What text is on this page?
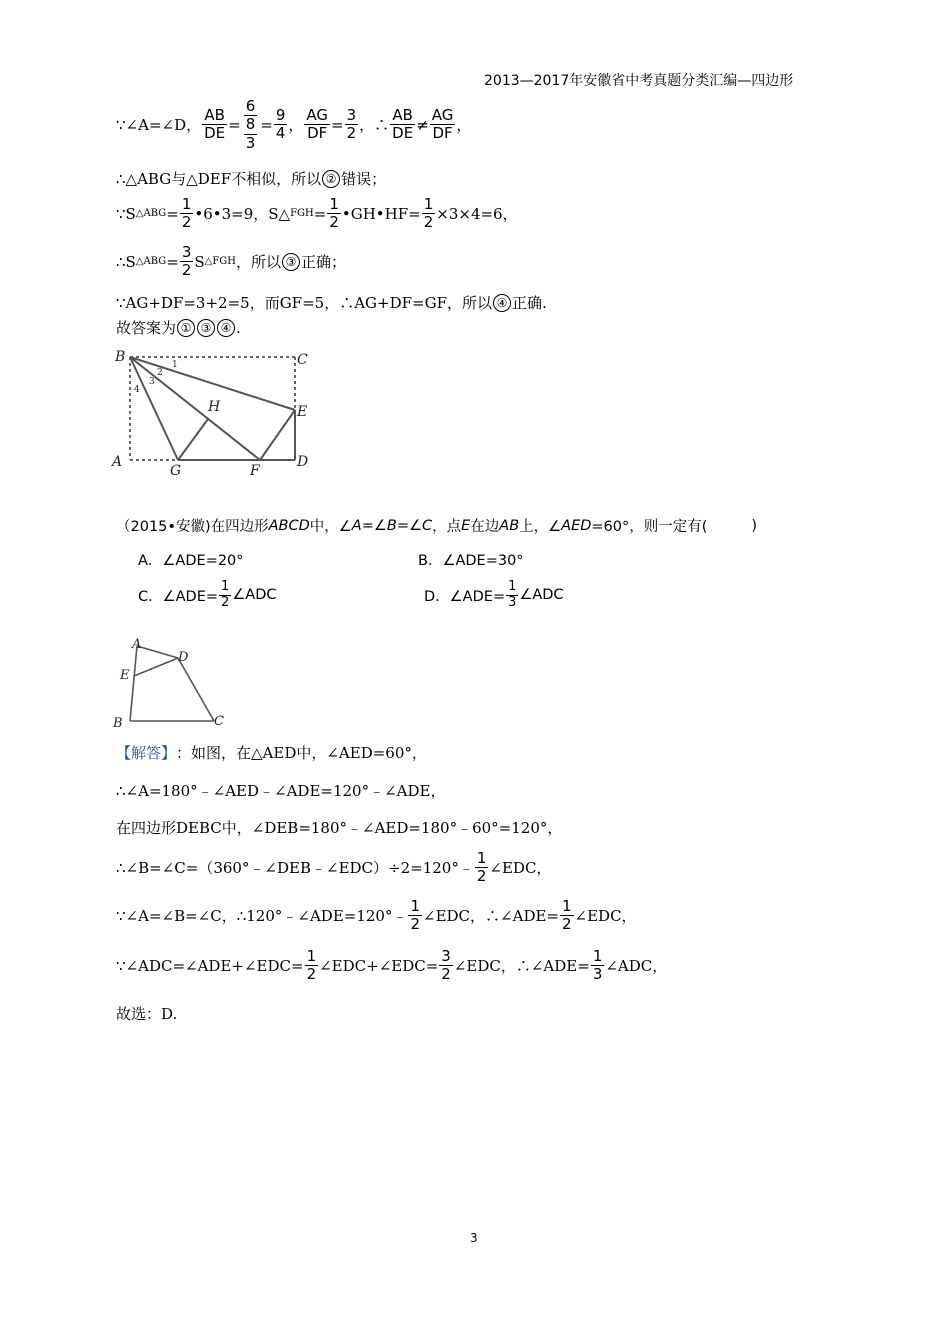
2013—2017年安徽省中考真题分类汇编—四边形
∵∠A=∠D， $\frac{AB}{DE} = 6$
8
$3 = \frac{9}{4}$ ， $\frac{AG}{DF} = \frac{3}{2}$ ，∴ $\frac{AB}{DE} \ne \frac{AG}{DF}$ ，
∴△ABG与△DEF不相似，所以 ② 错误；
∵S △ABG = $\frac{1}{2}$ •6•3=9，S△ FGH = $\frac{1}{2}$ •GH•HF= $\frac{1}{2} \times 3\times 4=6$，
∴S △ABG = $\frac{3}{2}$ S △FGH ，所以 ③ 正确；
∵AG+DF=3+2=5，而GF=5，∴AG+DF=GF，所以 ④ 正确.
故答案为 ① ③ ④ .
B	C
A	D
E
G	F
H
1
2
3
4
（2015•安徽)在四边形 ABCD 中，∠ A =∠ B =∠ C ，点 E 在边 AB 上，∠ AED =60°，则一定有(	)
A．∠ADE=20°	B．∠ADE=30°
C．∠ADE= $\frac{1}{2}$ ∠ADC	D．∠ADE= $\frac{1}{3}$ ∠ADC
A
D
E
B	C
【解答】 ：如图，在△AED中，∠AED=60°，
∴∠A=180°﹣∠AED﹣∠ADE=120°﹣∠ADE，
在四边形DEBC中，∠DEB=180°﹣∠AED=180°﹣60°=120°，
∴∠B=∠C=（360°﹣∠DEB﹣∠EDC）÷2=120°﹣ $\frac{1}{2}$ ∠EDC，
∵∠A=∠B=∠C，∴120°﹣∠ADE=120°﹣ $\frac{1}{2}$ ∠EDC，∴∠ADE= $\frac{1}{2}$ ∠EDC，
∵∠ADC=∠ADE+∠EDC= $\frac{1}{2}$ ∠EDC+∠EDC= $\frac{3}{2}$ ∠EDC，∴∠ADE= $\frac{1}{3}$ ∠ADC，
故选：D.
3
